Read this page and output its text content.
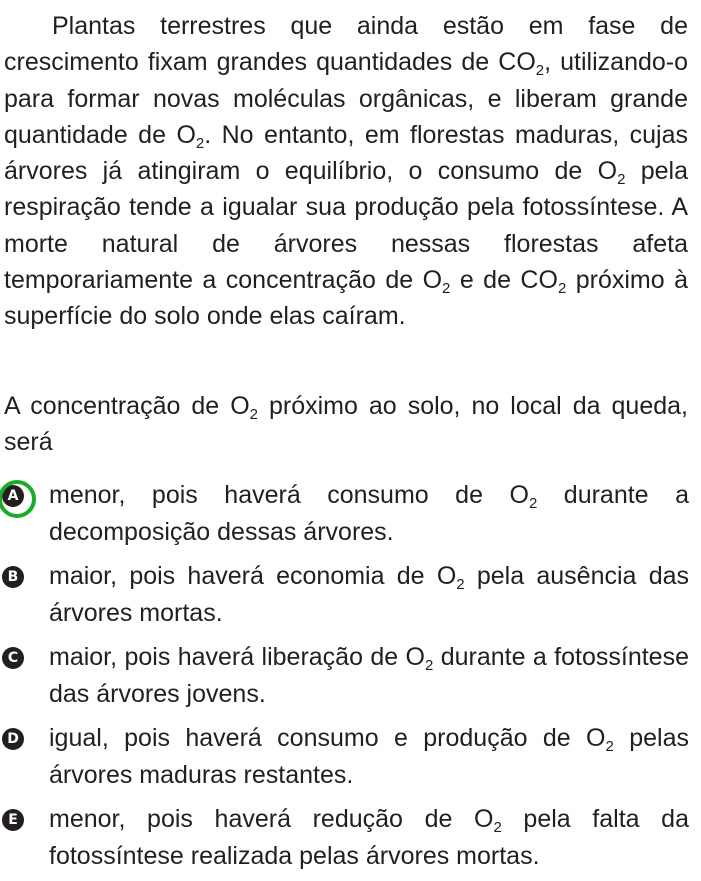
Plantas terrestres que ainda estão em fase de crescimento fixam grandes quantidades de $CO_2$, utilizando-o para formar novas moléculas orgânicas, e liberam grande quantidade de $O_2$. No entanto, em florestas maduras, cujas árvores já atingiram o equilíbrio, o consumo de $O_2$ pela respiração tende a igualar sua produção pela fotossíntese. A morte natural de árvores nessas florestas afeta temporariamente a concentração de $O_2$ e de $CO_2$ próximo à superfície do solo onde elas caíram.

A concentração de $O_2$ próximo ao solo, no local da queda, será

A menor, pois haverá consumo de $O_2$ durante a decomposição dessas árvores.

B maior, pois haverá economia de $O_2$ pela ausência das árvores mortas.

C maior, pois haverá liberação de $O_2$ durante a fotossíntese das árvores jovens.

D igual, pois haverá consumo e produção de $O_2$ pelas árvores maduras restantes.

E menor, pois haverá redução de $O_2$ pela falta da fotossíntese realizada pelas árvores mortas.
